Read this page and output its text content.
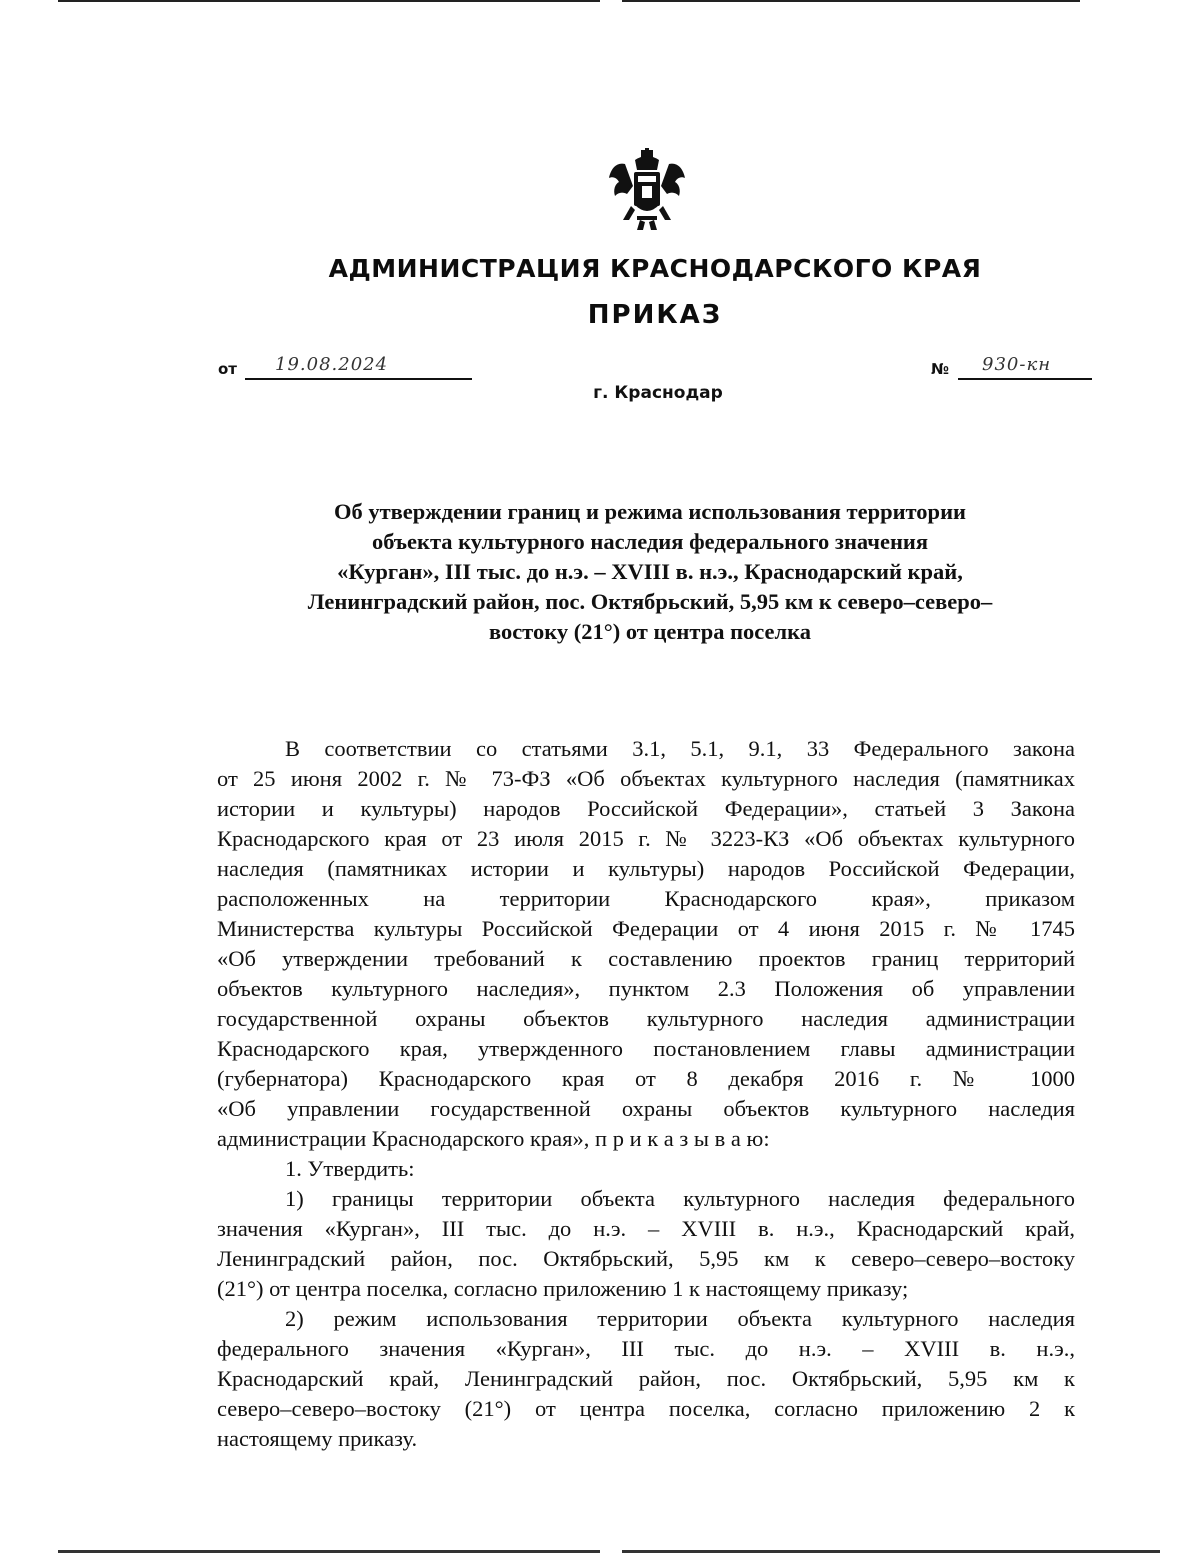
АДМИНИСТРАЦИЯ КРАСНОДАРСКОГО КРАЯ
ПРИКАЗ
от 19.08.2024	№ 930-кн
г. Краснодар
Об утверждении границ и режима использования территории
объекта культурного наследия федерального значения
«Курган», III тыс. до н.э. – XVIII в. н.э., Краснодарский край,
Ленинградский район, пос. Октябрьский, 5,95 км к северо–северо–
востоку (21°) от центра поселка
В соответствии со статьями 3.1, 5.1, 9.1, 33 Федерального закона
от 25 июня 2002 г. № 73-ФЗ «Об объектах культурного наследия (памятниках
истории и культуры) народов Российской Федерации», статьей 3 Закона
Краснодарского края от 23 июля 2015 г. № 3223-КЗ «Об объектах культурного
наследия (памятниках истории и культуры) народов Российской Федерации,
расположенных на территории Краснодарского края», приказом
Министерства культуры Российской Федерации от 4 июня 2015 г. № 1745
«Об утверждении требований к составлению проектов границ территорий
объектов культурного наследия», пунктом 2.3 Положения об управлении
государственной охраны объектов культурного наследия администрации
Краснодарского края, утвержденного постановлением главы администрации
(губернатора) Краснодарского края от 8 декабря 2016 г. № 1000
«Об управлении государственной охраны объектов культурного наследия
администрации Краснодарского края», п р и к а з ы в а ю:
1. Утвердить:
1) границы территории объекта культурного наследия федерального
значения «Курган», III тыс. до н.э. – XVIII в. н.э., Краснодарский край,
Ленинградский район, пос. Октябрьский, 5,95 км к северо–северо–востоку
(21°) от центра поселка, согласно приложению 1 к настоящему приказу;
2) режим использования территории объекта культурного наследия
федерального значения «Курган», III тыс. до н.э. – XVIII в. н.э.,
Краснодарский край, Ленинградский район, пос. Октябрьский, 5,95 км к
северо–северо–востоку (21°) от центра поселка, согласно приложению 2 к
настоящему приказу.
